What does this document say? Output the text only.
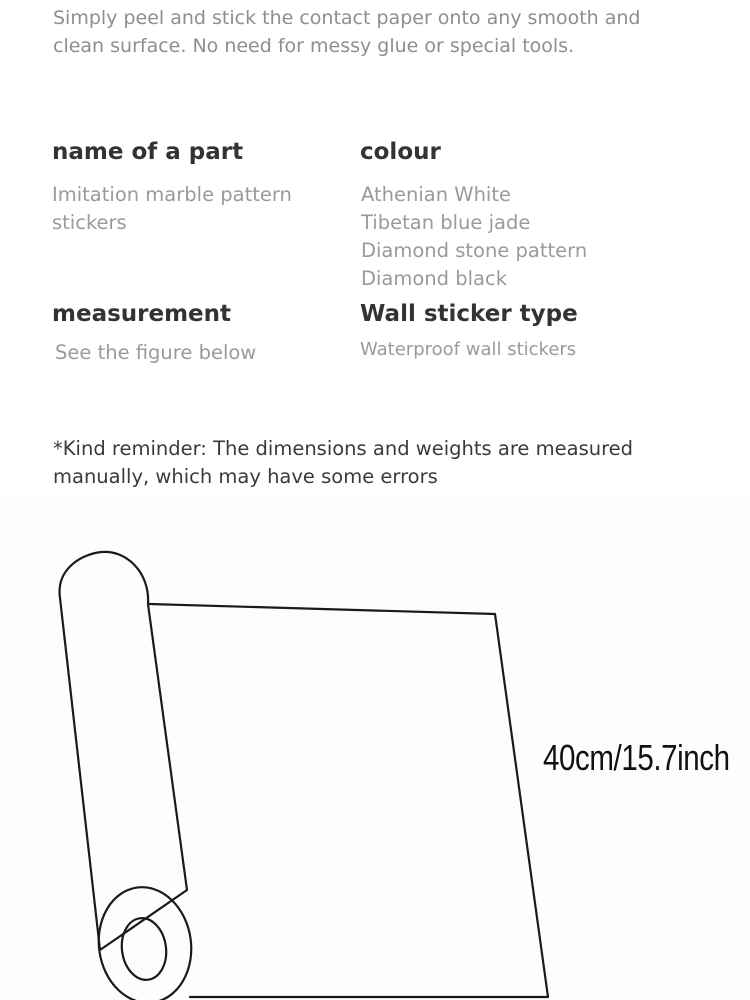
Simply peel and stick the contact paper onto any smooth and clean surface. No need for messy glue or special tools.
name of a part
Imitation marble pattern stickers
colour
Athenian White
Tibetan blue jade
Diamond stone pattern
Diamond black
measurement
See the figure below
Wall sticker type
Waterproof wall stickers
*Kind reminder: The dimensions and weights are measured manually, which may have some errors
40cm/15.7inch
